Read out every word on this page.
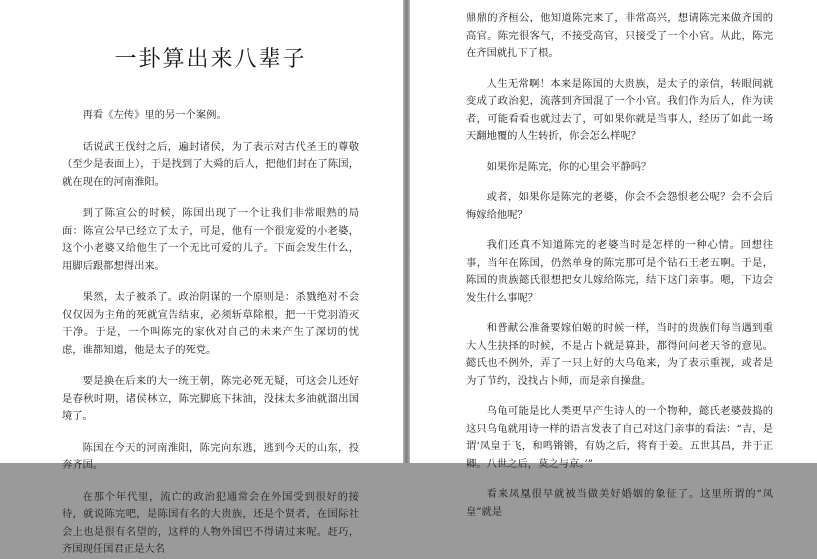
一卦算出来八辈子

再看《左传》里的另一个案例。

话说武王伐纣之后，遍封诸侯，为了表示对古代圣王的尊敬（至少是表面上），于是找到了大舜的后人，把他们封在了陈国，就在现在的河南淮阳。

到了陈宣公的时候，陈国出现了一个让我们非常眼熟的局面：陈宣公早已经立了太子，可是，他有一个很宠爱的小老婆，这个小老婆又给他生了一个无比可爱的儿子。下面会发生什么，用脚后跟都想得出来。

果然，太子被杀了。政治阴谋的一个原则是：杀戮绝对不会仅仅因为主角的死就宣告结束，必须斩草除根，把一干党羽消灭干净。于是，一个叫陈完的家伙对自己的未来产生了深切的忧虑，谁都知道，他是太子的死党。

要是换在后来的大一统王朝，陈完必死无疑，可这会儿还好是春秋时期，诸侯林立，陈完脚底下抹油，没抹太多油就溜出国境了。

陈国在今天的河南淮阳，陈完向东逃，逃到今天的山东，投奔齐国。

在那个年代里，流亡的政治犯通常会在外国受到很好的接待，就说陈完吧，是陈国有名的大贵族，还是个贤者，在国际社会上也是很有名望的，这样的人物外国巴不得请过来呢。赶巧，齐国现任国君正是大名

鼎鼎的齐桓公，他知道陈完来了，非常高兴，想请陈完来做齐国的高官。陈完很客气，不接受高官，只接受了一个小官。从此，陈完在齐国就扎下了根。

人生无常啊！本来是陈国的大贵族，是太子的亲信，转眼间就变成了政治犯，流落到齐国混了一个小官。我们作为后人，作为读者，可能看看也就过去了，可如果你就是当事人，经历了如此一场天翻地覆的人生转折，你会怎么样呢？

如果你是陈完，你的心里会平静吗？

或者，如果你是陈完的老婆，你会不会怨恨老公呢？会不会后悔嫁给他呢？

我们还真不知道陈完的老婆当时是怎样的一种心情。回想往事，当年在陈国，仍然单身的陈完那可是个钻石王老五啊。于是，陈国的贵族懿氏很想把女儿嫁给陈完，结下这门亲事。嗯，下边会发生什么事呢？

和普献公准备要嫁伯姬的时候一样，当时的贵族们每当遇到重大人生抉择的时候，不是占卜就是算卦，都得问问老天爷的意见。懿氏也不例外，弄了一只上好的大乌龟来，为了表示重视，或者是为了节约，没找占卜师，而是亲自操盘。

乌龟可能是比人类更早产生诗人的一个物种，懿氏老婆鼓捣的这只乌龟就用诗一样的语言发表了自己对这门亲事的看法：“吉，是谓‘凤皇于飞，和鸣锵锵，有妫之后，将育于姜。五世其昌，并于正卿。八世之后，莫之与京。’”

看来凤凰很早就被当做美好婚姻的象征了。这里所谓的“凤皇”就是
